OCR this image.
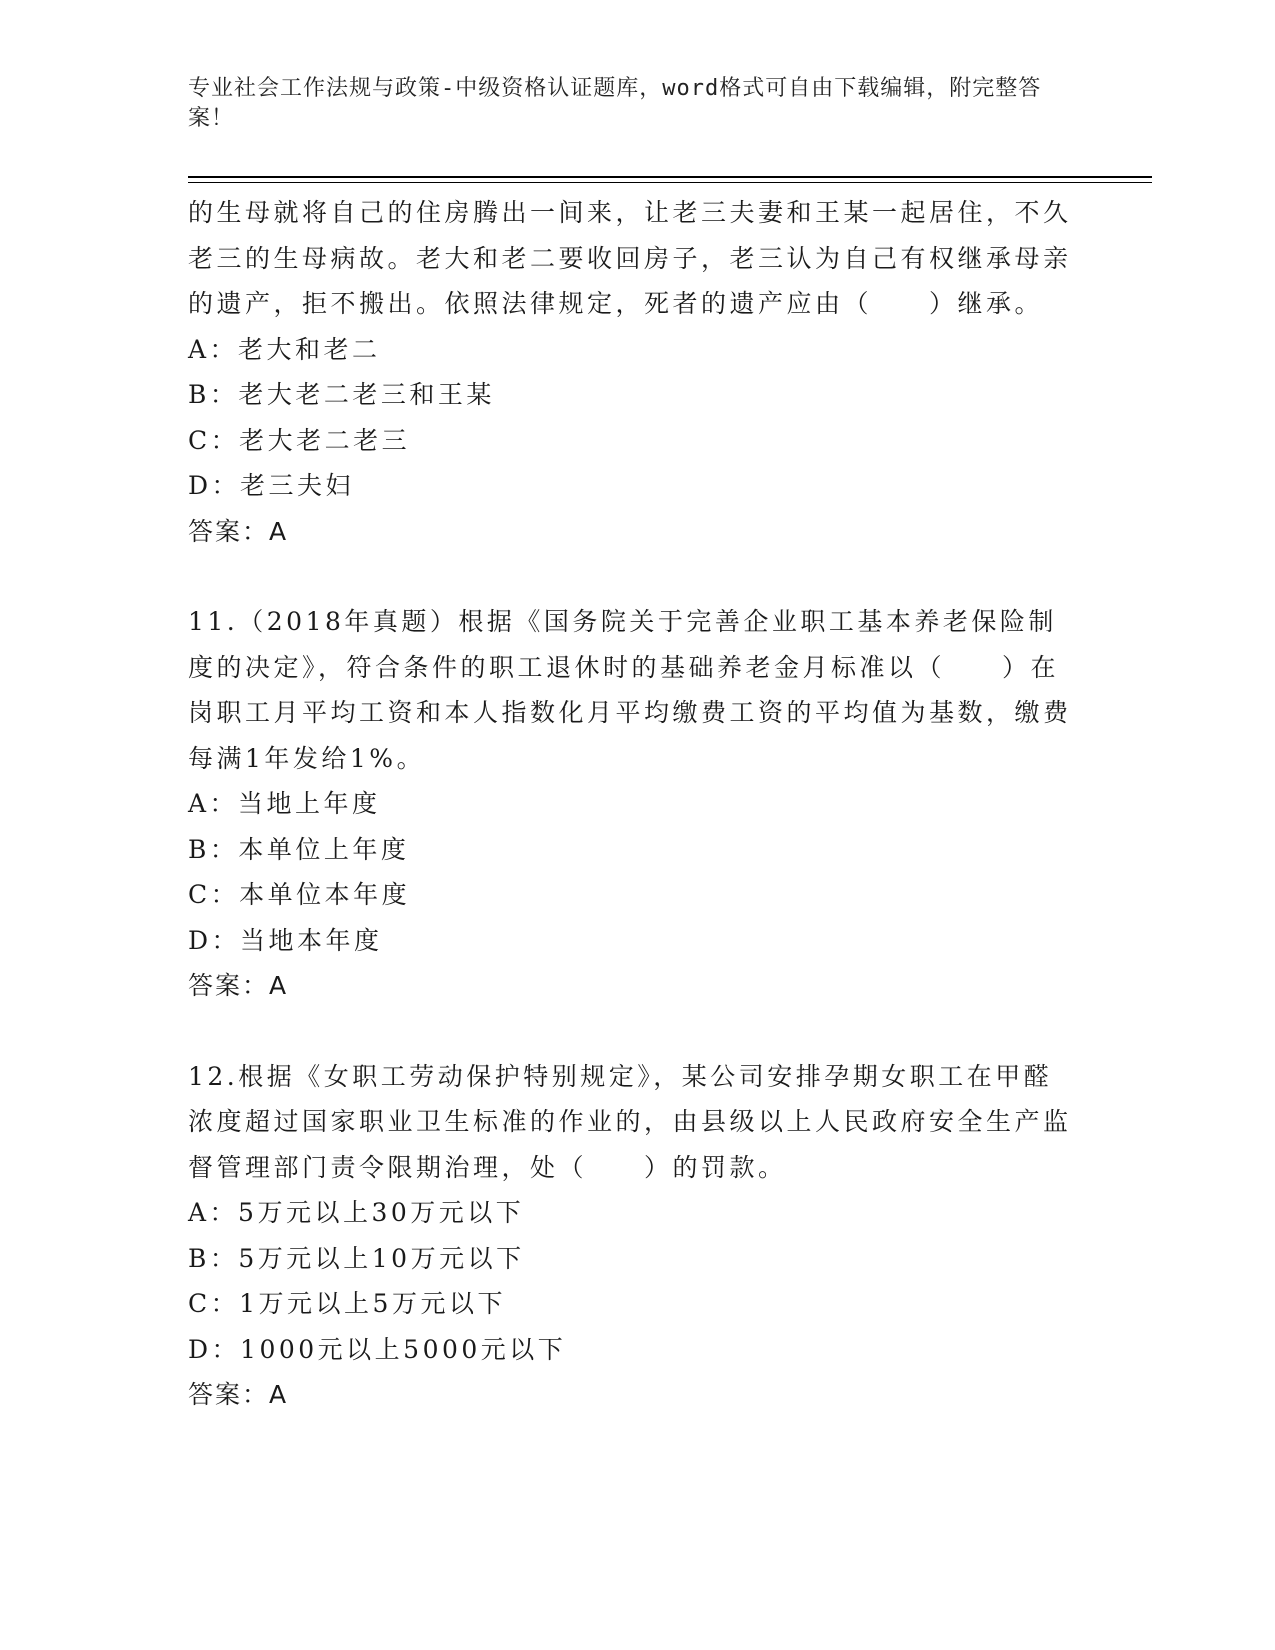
专业社会工作法规与政策-中级资格认证题库，word格式可自由下载编辑，附完整答案！

的生母就将自己的住房腾出一间来，让老三夫妻和王某一起居住，不久老三的生母病故。老大和老二要收回房子，老三认为自己有权继承母亲的遗产，拒不搬出。依照法律规定，死者的遗产应由（　　）继承。

A：老大和老二

B：老大老二老三和王某

C：老大老二老三

D：老三夫妇

答案：A

11.（2018年真题）根据《国务院关于完善企业职工基本养老保险制度的决定》，符合条件的职工退休时的基础养老金月标准以（　　）在岗职工月平均工资和本人指数化月平均缴费工资的平均值为基数，缴费每满1年发给1%。

A：当地上年度

B：本单位上年度

C：本单位本年度

D：当地本年度

答案：A

12.根据《女职工劳动保护特别规定》，某公司安排孕期女职工在甲醛浓度超过国家职业卫生标准的作业的，由县级以上人民政府安全生产监督管理部门责令限期治理，处（　　）的罚款。

A：5万元以上30万元以下

B：5万元以上10万元以下

C：1万元以上5万元以下

D：1000元以上5000元以下

答案：A
